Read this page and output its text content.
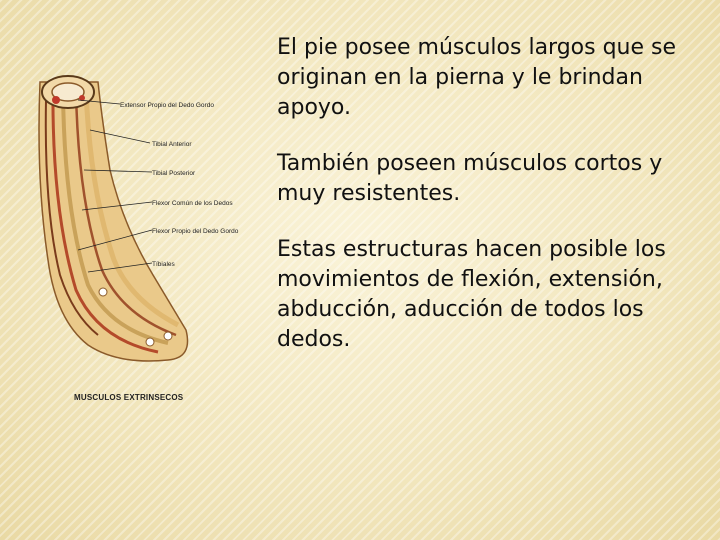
Extensor Propio del Dedo Gordo
Tibial Anterior
Tibial Posterior
Flexor Común de los Dedos
Flexor Propio del Dedo Gordo
Tíbiales
MUSCULOS EXTRINSECOS

El pie posee músculos largos que se originan en la pierna y le brindan apoyo.

También poseen músculos cortos y muy resistentes.

Estas estructuras hacen posible los movimientos de flexión, extensión, abducción, aducción de todos los dedos.
